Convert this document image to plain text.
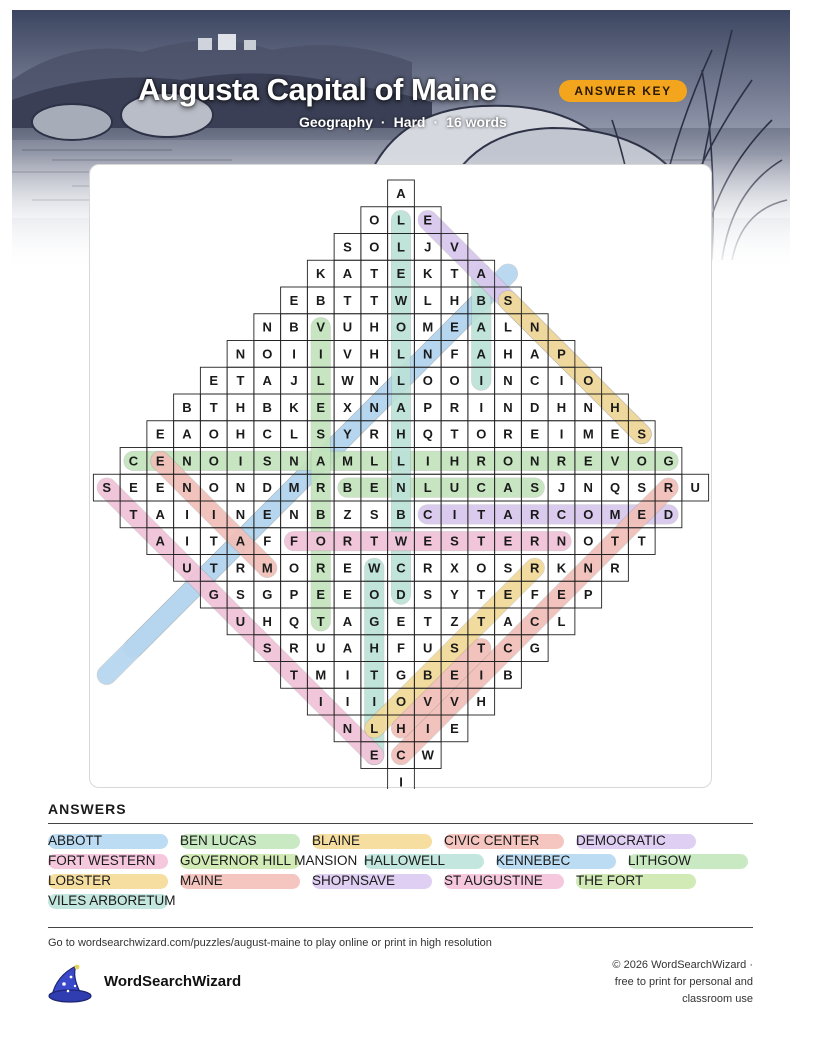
Augusta Capital of Maine	ANSWER KEY
Geography · Hard · 16 words
A
O L E
S O L J V
K A T E K T A
E B T T W L H B S
N B V U H O M E A L N
N O I I V H L N F A H A P
E T A J L W N L O O I N C I O
B T H B K E X N A P R I N D H N H
E A O H C L S Y R H Q T O R E I M E S
C E N O I S N A M L L I H R O N R E V O G
S E E N O N D M R B E N L U C A S J N Q S R U
T A I I N E N B Z S B C I T A R C O M E D
A I T A F F O R T W E S T E R N O T T
U T R M O R E W C R X O S R K N R
G S G P E E O D S Y T E F E P
U H Q T A G E T Z T A C L
S R U A H F U S T C G
T M I T G B E I B
I I I O V V H
N L H I E
E C W
I
ANSWERS
ABBOTT	BEN LUCAS	BLAINE	CIVIC CENTER	DEMOCRATIC
FORT WESTERN GOVERNOR HILL MANSION HALLOWELL	KENNEBEC	LITHGOW
LOBSTER	MAINE	SHOPNSAVE	ST AUGUSTINE THE FORT
VILES ARBORETUM
Go to wordsearchwizard.com/puzzles/august-maine to play online or print in high resolution
WordSearchWizard
© 2026 WordSearchWizard ·
free to print for personal and
classroom use
